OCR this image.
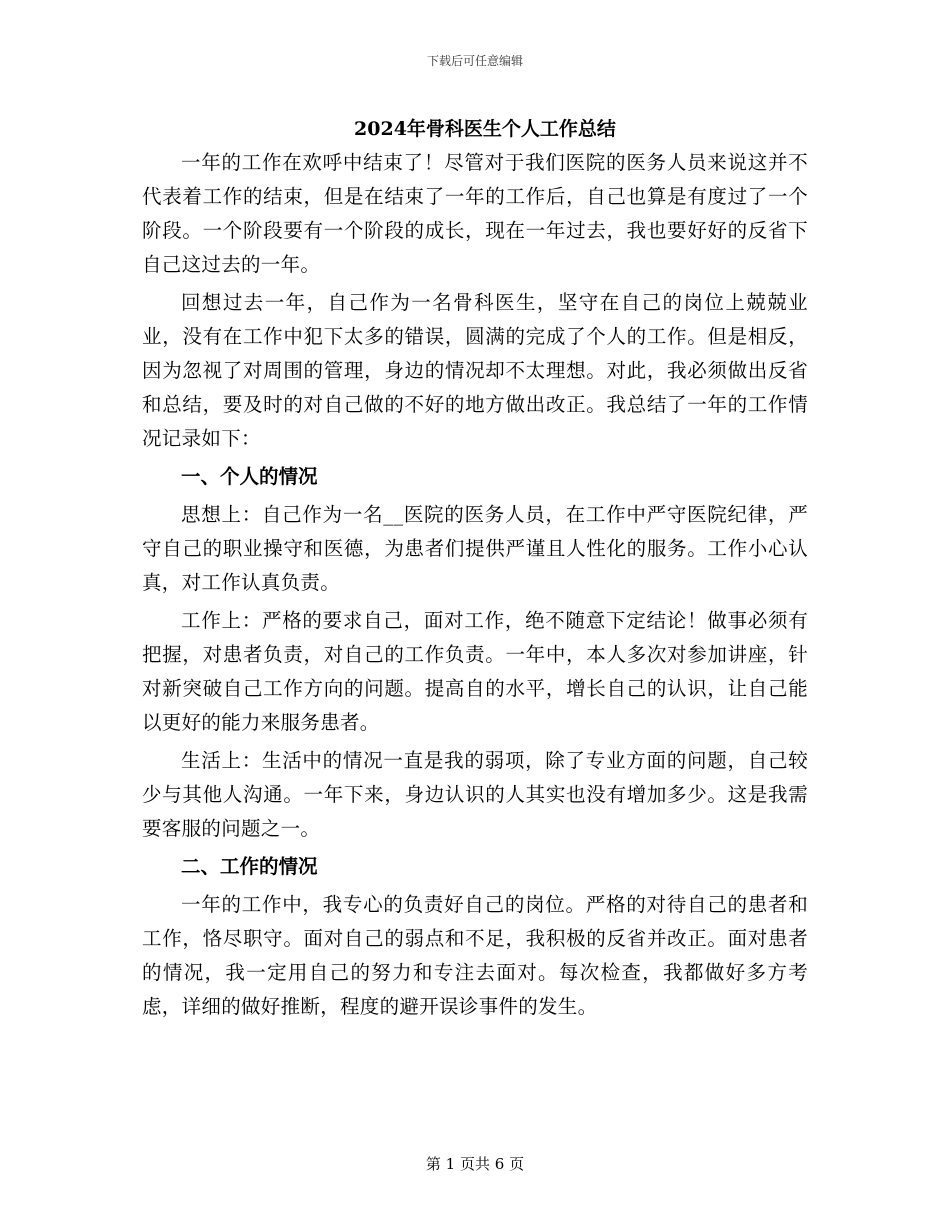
下载后可任意编辑
2024年骨科医生个人工作总结

一年的工作在欢呼中结束了！尽管对于我们医院的医务人员来说这并不代表着工作的结束，但是在结束了一年的工作后，自己也算是有度过了一个阶段。一个阶段要有一个阶段的成长，现在一年过去，我也要好好的反省下自己这过去的一年。

回想过去一年，自己作为一名骨科医生，坚守在自己的岗位上兢兢业业，没有在工作中犯下太多的错误，圆满的完成了个人的工作。但是相反，因为忽视了对周围的管理，身边的情况却不太理想。对此，我必须做出反省和总结，要及时的对自己做的不好的地方做出改正。我总结了一年的工作情况记录如下：

一、个人的情况

思想上：自己作为一名__医院的医务人员，在工作中严守医院纪律，严守自己的职业操守和医德，为患者们提供严谨且人性化的服务。工作小心认真，对工作认真负责。

工作上：严格的要求自己，面对工作，绝不随意下定结论！做事必须有把握，对患者负责，对自己的工作负责。一年中，本人多次对参加讲座，针对新突破自己工作方向的问题。提高自的水平，增长自己的认识，让自己能以更好的能力来服务患者。

生活上：生活中的情况一直是我的弱项，除了专业方面的问题，自己较少与其他人沟通。一年下来，身边认识的人其实也没有增加多少。这是我需要客服的问题之一。

二、工作的情况

一年的工作中，我专心的负责好自己的岗位。严格的对待自己的患者和工作，恪尽职守。面对自己的弱点和不足，我积极的反省并改正。面对患者的情况，我一定用自己的努力和专注去面对。每次检查，我都做好多方考虑，详细的做好推断，程度的避开误诊事件的发生。

第 1 页共 6 页
